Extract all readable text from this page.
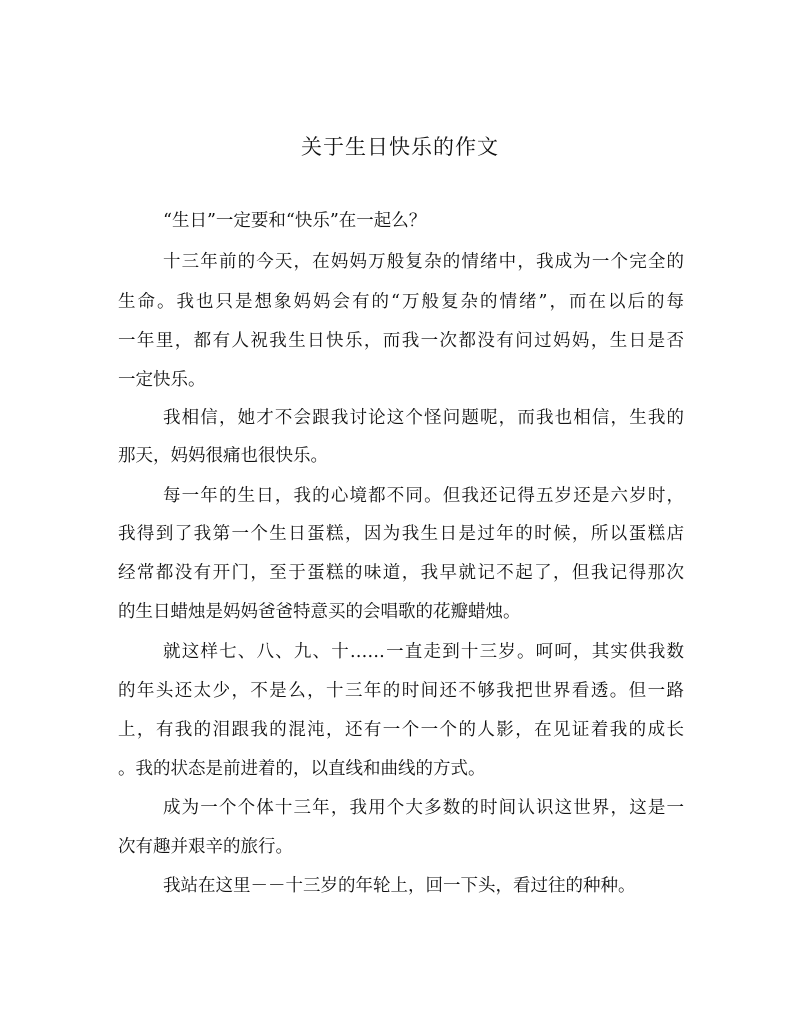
关于生日快乐的作文

“生日”一定要和“快乐”在一起么？

十三年前的今天，在妈妈万般复杂的情绪中，我成为一个完全的

生命。我也只是想象妈妈会有的“万般复杂的情绪”，而在以后的每

一年里，都有人祝我生日快乐，而我一次都没有问过妈妈，生日是否

一定快乐。

我相信，她才不会跟我讨论这个怪问题呢，而我也相信，生我的

那天，妈妈很痛也很快乐。

每一年的生日，我的心境都不同。但我还记得五岁还是六岁时，

我得到了我第一个生日蛋糕，因为我生日是过年的时候，所以蛋糕店

经常都没有开门，至于蛋糕的味道，我早就记不起了，但我记得那次

的生日蜡烛是妈妈爸爸特意买的会唱歌的花瓣蜡烛。

就这样七、八、九、十……一直走到十三岁。呵呵，其实供我数

的年头还太少，不是么，十三年的时间还不够我把世界看透。但一路

上，有我的泪跟我的混沌，还有一个一个的人影，在见证着我的成长

。我的状态是前进着的，以直线和曲线的方式。

成为一个个体十三年，我用个大多数的时间认识这世界，这是一

次有趣并艰辛的旅行。

我站在这里－－十三岁的年轮上，回一下头，看过往的种种。
